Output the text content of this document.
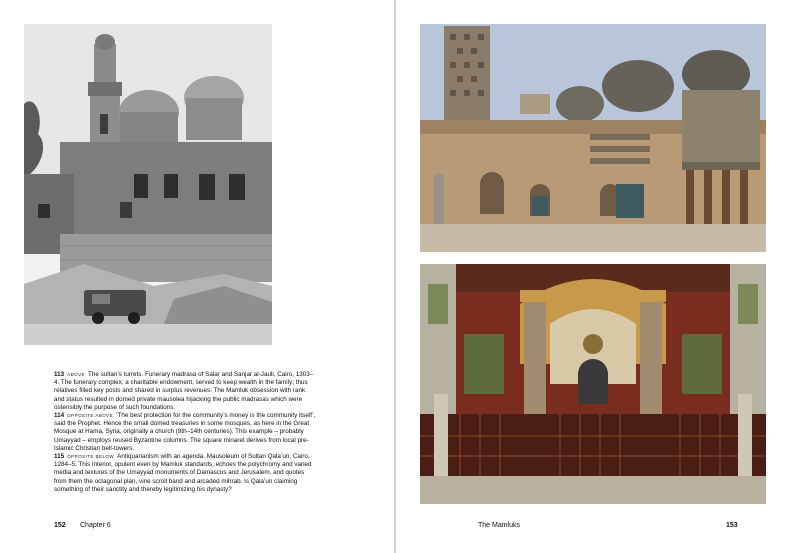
113 ABOVE The sultan’s turrets. Funerary madrasa of Salar and Sanjar al-Jauli, Cairo, 1303–4. The funerary complex, a charitable endowment, served to keep wealth in the family; thus relatives filled key posts and shared in surplus revenues. The Mamluk obsession with rank and status resulted in domed private mausolea hijacking the public madrasas which were ostensibly the purpose of such foundations.

114 OPPOSITE ABOVE ‘The best protection for the community’s money is the community itself’, said the Prophet. Hence the small domed treasuries in some mosques, as here in the Great Mosque at Hama, Syria, originally a church (8th–14th centuries). This example – probably Umayyad – employs reused Byzantine columns. The square minaret derives from local pre-Islamic Christian bell-towers.

115 OPPOSITE BELOW Antiquarianism with an agenda. Mausoleum of Sultan Qala’un, Cairo, 1284–5. This interior, opulent even by Mamluk standards, echoes the polychromy and varied media and textures of the Umayyad monuments of Damascus and Jerusalem, and quotes from them the octagonal plan, vine scroll band and arcaded mihrab. Is Qala’un claiming something of their sanctity and thereby legitimizing his dynasty?

152 Chapter 6	The Mamluks	153
